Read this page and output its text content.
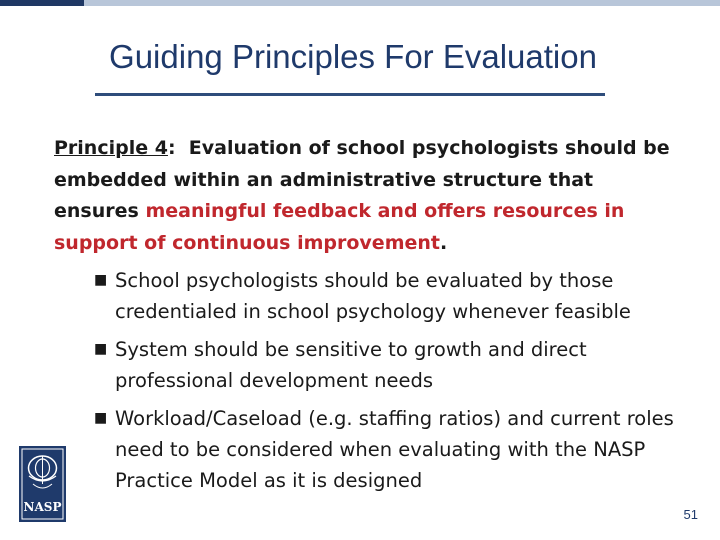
Guiding Principles For Evaluation
Principle 4:  Evaluation of school psychologists should be embedded within an administrative structure that ensures meaningful feedback and offers resources in support of continuous improvement.
■ School psychologists should be evaluated by those credentialed in school psychology whenever feasible
■ System should be sensitive to growth and direct professional development needs
■ Workload/Caseload (e.g. staffing ratios) and current roles need to be considered when evaluating with the NASP Practice Model as it is designed
NASP	51
